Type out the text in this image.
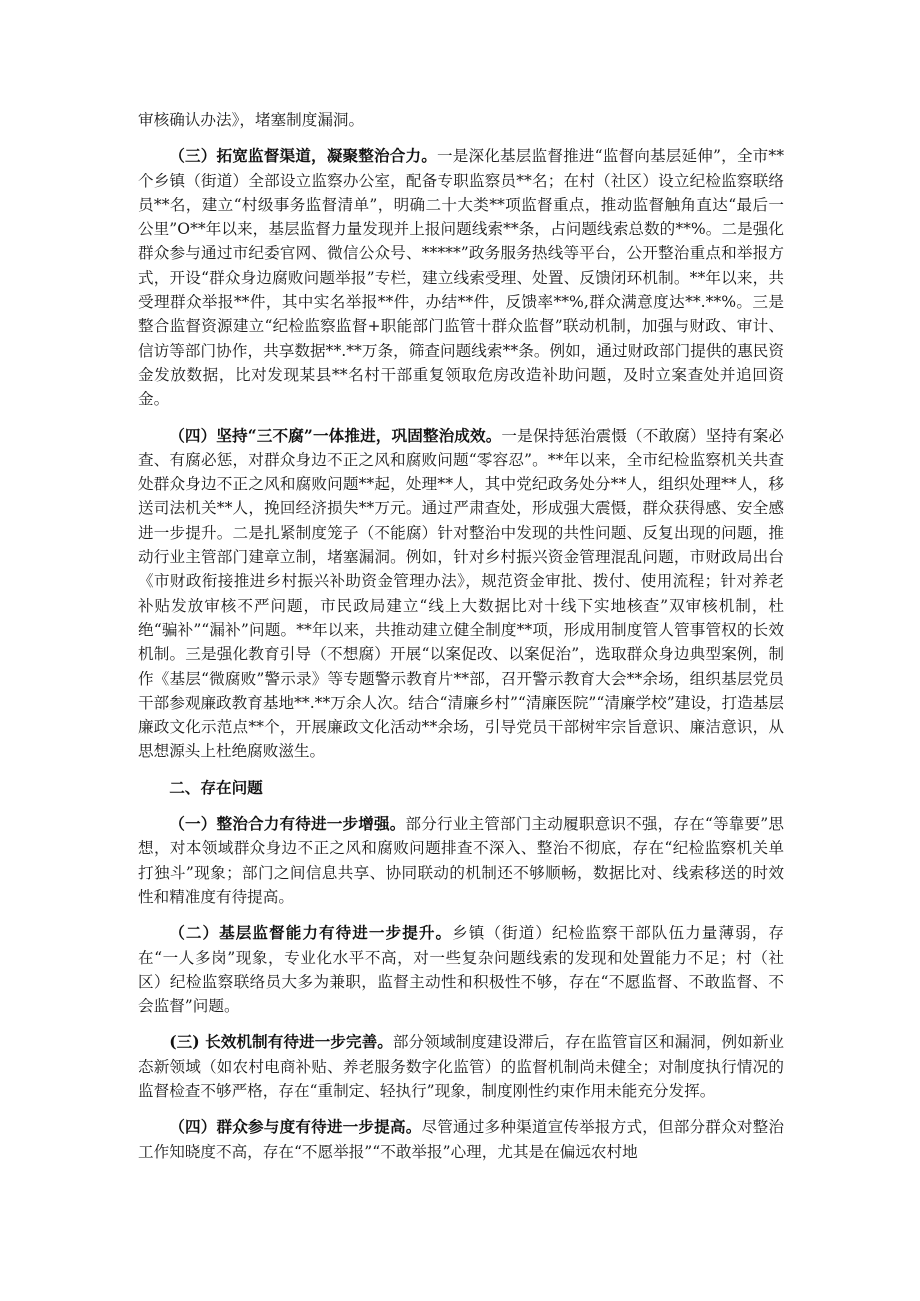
审核确认办法》，堵塞制度漏洞。

（三）拓宽监督渠道，凝聚整治合力。一是深化基层监督推进“监督向基层延伸”，全市**个乡镇（街道）全部设立监察办公室，配备专职监察员**名；在村（社区）设立纪检监察联络员**名，建立“村级事务监督清单”，明确二十大类**项监督重点，推动监督触角直达“最后一公里”O**年以来，基层监督力量发现并上报问题线索**条，占问题线索总数的**%。二是强化群众参与通过市纪委官网、微信公众号、*****”政务服务热线等平台，公开整治重点和举报方式，开设“群众身边腐败问题举报”专栏，建立线索受理、处置、反馈闭环机制。**年以来，共受理群众举报**件，其中实名举报**件，办结**件，反馈率**%,群众满意度达**.**%。三是整合监督资源建立“纪检监察监督+职能部门监管十群众监督”联动机制，加强与财政、审计、信访等部门协作，共享数据**.**万条，筛查问题线索**条。例如，通过财政部门提供的惠民资金发放数据，比对发现某县**名村干部重复领取危房改造补助问题，及时立案查处并追回资金。

（四）坚持“三不腐”一体推进，巩固整治成效。一是保持惩治震慑（不敢腐）坚持有案必查、有腐必惩，对群众身边不正之风和腐败问题“零容忍”。**年以来，全市纪检监察机关共查处群众身边不正之风和腐败问题**起，处理**人，其中党纪政务处分**人，组织处理**人，移送司法机关**人，挽回经济损失**万元。通过严肃查处，形成强大震慑，群众获得感、安全感进一步提升。二是扎紧制度笼子（不能腐）针对整治中发现的共性问题、反复出现的问题，推动行业主管部门建章立制，堵塞漏洞。例如，针对乡村振兴资金管理混乱问题，市财政局出台《市财政衔接推进乡村振兴补助资金管理办法》，规范资金审批、拨付、使用流程；针对养老补贴发放审核不严问题，市民政局建立“线上大数据比对十线下实地核查”双审核机制，杜绝“骗补”“漏补”问题。**年以来，共推动建立健全制度**项，形成用制度管人管事管权的长效机制。三是强化教育引导（不想腐）开展“以案促改、以案促治”，选取群众身边典型案例，制作《基层“微腐败”警示录》等专题警示教育片**部，召开警示教育大会**余场，组织基层党员干部参观廉政教育基地**.**万余人次。结合“清廉乡村”“清廉医院”“清廉学校”建设，打造基层廉政文化示范点**个，开展廉政文化活动**余场，引导党员干部树牢宗旨意识、廉洁意识，从思想源头上杜绝腐败滋生。

二、存在问题

（一）整治合力有待进一步增强。部分行业主管部门主动履职意识不强，存在“等靠要”思想，对本领域群众身边不正之风和腐败问题排查不深入、整治不彻底，存在“纪检监察机关单打独斗”现象；部门之间信息共享、协同联动的机制还不够顺畅，数据比对、线索移送的时效性和精准度有待提高。

（二）基层监督能力有待进一步提升。乡镇（街道）纪检监察干部队伍力量薄弱，存在“一人多岗”现象，专业化水平不高，对一些复杂问题线索的发现和处置能力不足；村（社区）纪检监察联络员大多为兼职，监督主动性和积极性不够，存在“不愿监督、不敢监督、不会监督”问题。

(三) 长效机制有待进一步完善。部分领域制度建设滞后，存在监管盲区和漏洞，例如新业态新领域（如农村电商补贴、养老服务数字化监管）的监督机制尚未健全；对制度执行情况的监督检查不够严格，存在“重制定、轻执行”现象，制度刚性约束作用未能充分发挥。

（四）群众参与度有待进一步提高。尽管通过多种渠道宣传举报方式，但部分群众对整治工作知晓度不高，存在“不愿举报”“不敢举报”心理，尤其是在偏远农村地
